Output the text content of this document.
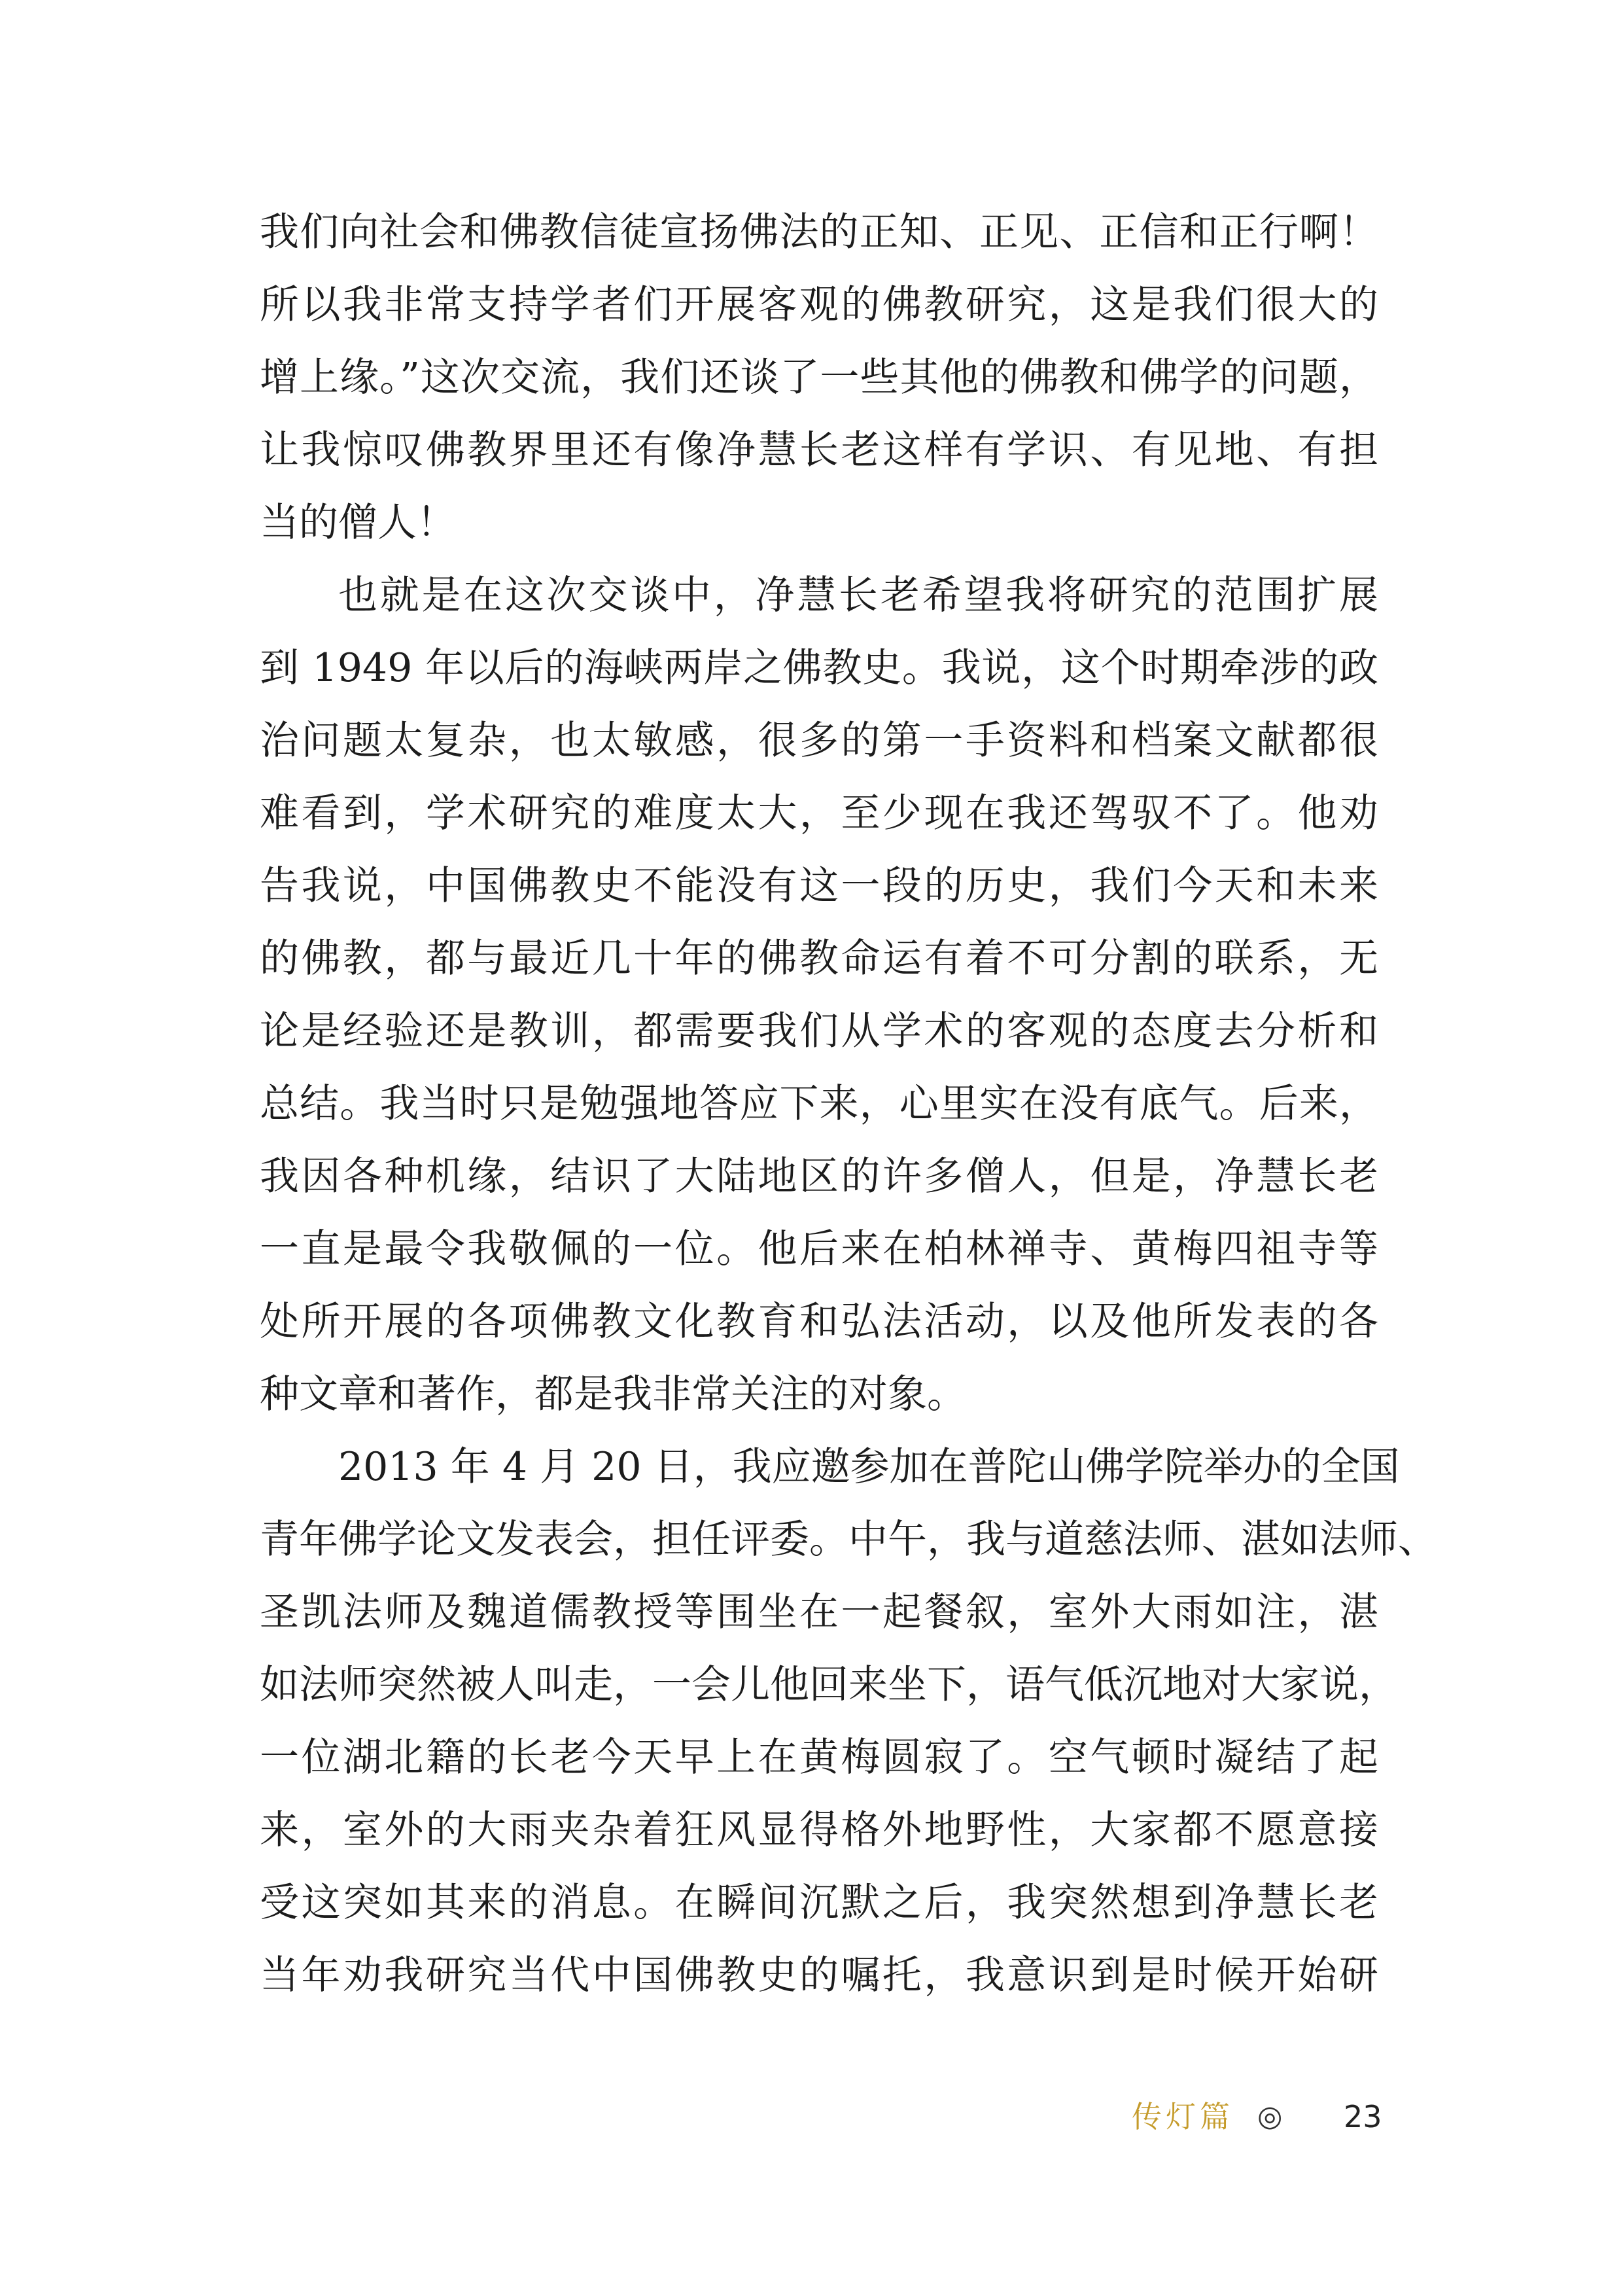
我们向社会和佛教信徒宣扬佛法的正知、正见、正信和正行啊！
所以我非常支持学者们开展客观的佛教研究，这是我们很大的
增上缘。”这次交流，我们还谈了一些其他的佛教和佛学的问题，
让我惊叹佛教界里还有像净慧长老这样有学识、有见地、有担
当的僧人！
也就是在这次交谈中，净慧长老希望我将研究的范围扩展
到 1949 年以后的海峡两岸之佛教史。我说，这个时期牵涉的政
治问题太复杂，也太敏感，很多的第一手资料和档案文献都很
难看到，学术研究的难度太大，至少现在我还驾驭不了。他劝
告我说，中国佛教史不能没有这一段的历史，我们今天和未来
的佛教，都与最近几十年的佛教命运有着不可分割的联系，无
论是经验还是教训，都需要我们从学术的客观的态度去分析和
总结。我当时只是勉强地答应下来，心里实在没有底气。后来，
我因各种机缘，结识了大陆地区的许多僧人，但是，净慧长老
一直是最令我敬佩的一位。他后来在柏林禅寺、黄梅四祖寺等
处所开展的各项佛教文化教育和弘法活动，以及他所发表的各
种文章和著作，都是我非常关注的对象。
2013 年 4 月 20 日，我应邀参加在普陀山佛学院举办的全国
青年佛学论文发表会，担任评委。中午，我与道慈法师、湛如法师、
圣凯法师及魏道儒教授等围坐在一起餐叙，室外大雨如注，湛
如法师突然被人叫走，一会儿他回来坐下，语气低沉地对大家说，
一位湖北籍的长老今天早上在黄梅圆寂了。空气顿时凝结了起
来，室外的大雨夹杂着狂风显得格外地野性，大家都不愿意接
受这突如其来的消息。在瞬间沉默之后，我突然想到净慧长老
当年劝我研究当代中国佛教史的嘱托，我意识到是时候开始研
传灯篇 ◎ 23
